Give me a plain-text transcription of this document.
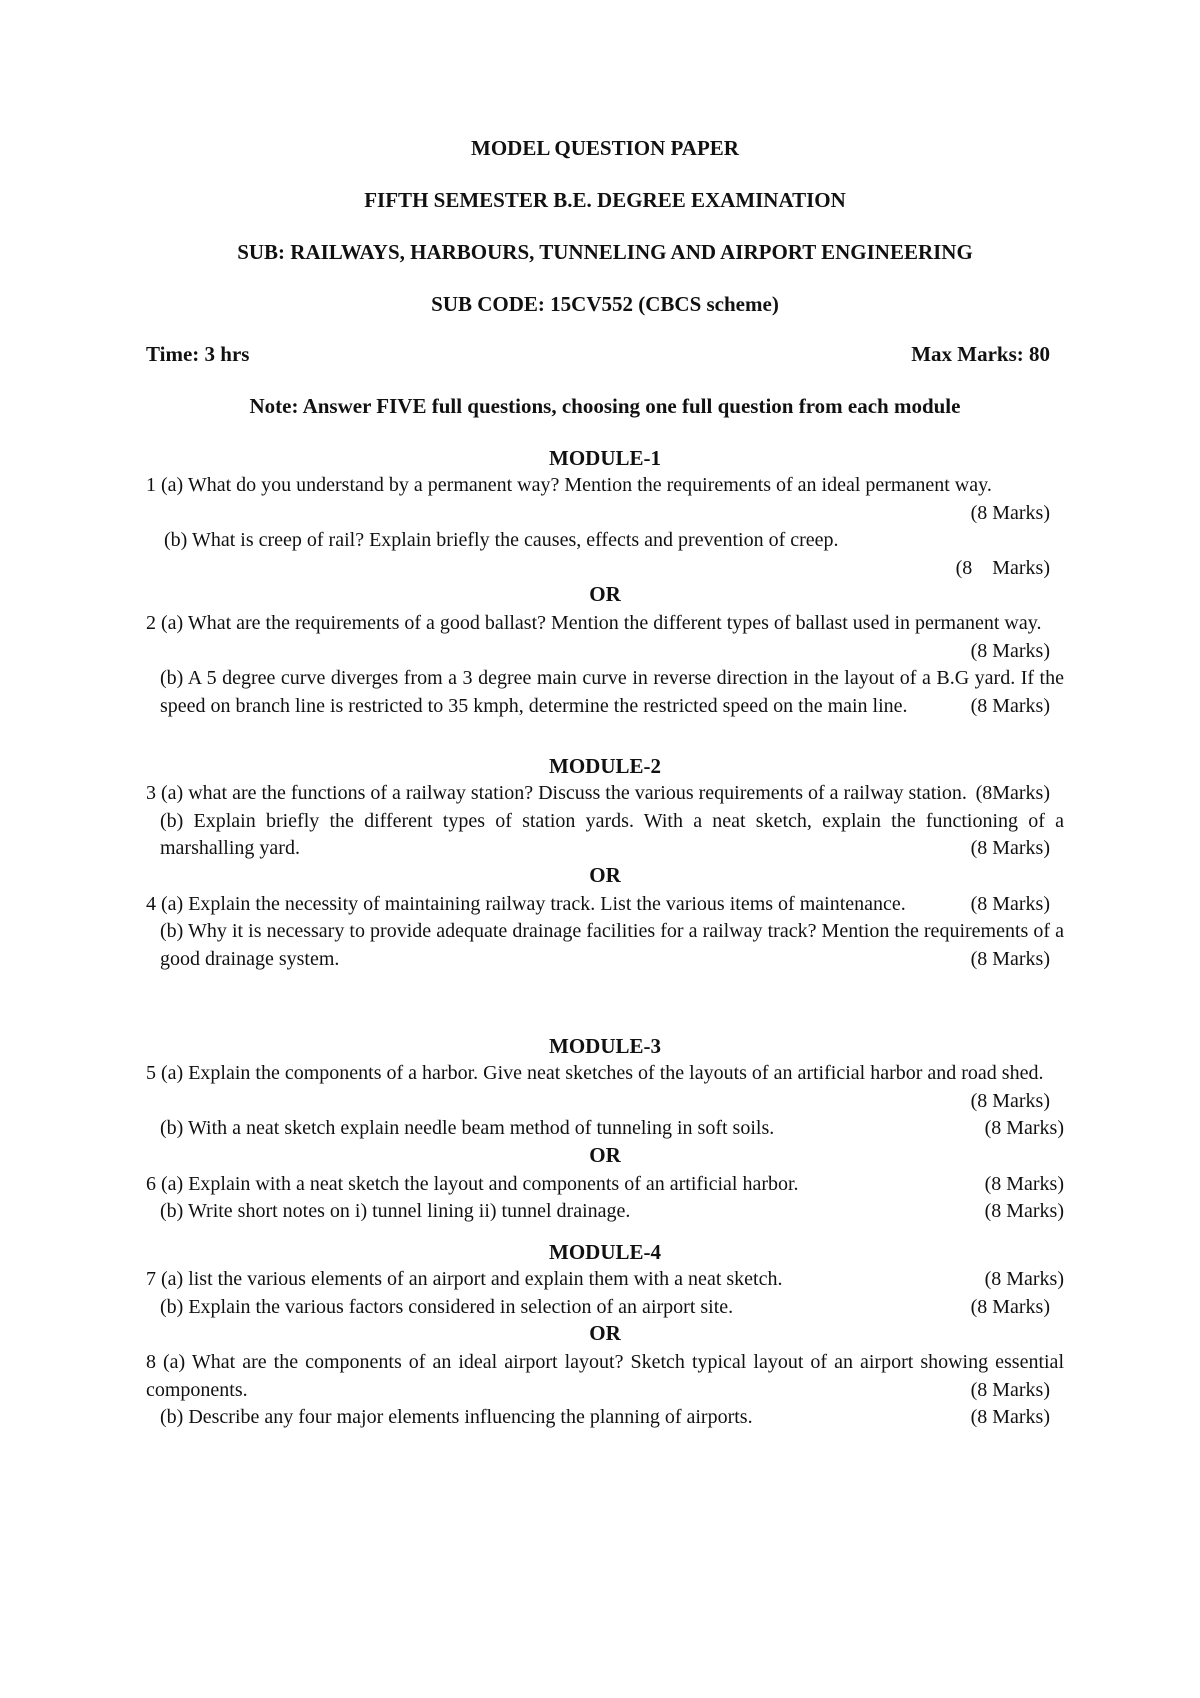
MODEL QUESTION PAPER
FIFTH SEMESTER B.E. DEGREE EXAMINATION
SUB: RAILWAYS, HARBOURS, TUNNELING AND AIRPORT ENGINEERING
SUB CODE: 15CV552 (CBCS scheme)
Time: 3 hrs	Max Marks: 80
Note: Answer FIVE full questions, choosing one full question from each module
MODULE-1
1 (a) What do you understand by a permanent way? Mention the requirements of an ideal permanent way.
(8 Marks)
(b) What is creep of rail? Explain briefly the causes, effects and prevention of creep.
(8    Marks)
OR
2 (a) What are the requirements of a good ballast? Mention the different types of ballast used in permanent way.
(8 Marks)
(b) A 5 degree curve diverges from a 3 degree main curve in reverse direction in the layout of a B.G yard. If the speed on branch line is restricted to 35 kmph, determine the restricted speed on the main line.	(8 Marks)
MODULE-2
3 (a) what are the functions of a railway station? Discuss the various requirements of a railway station. (8Marks)
(b) Explain briefly the different types of station yards. With a neat sketch, explain the functioning of a marshalling yard.	(8 Marks)
OR
4 (a) Explain the necessity of maintaining railway track. List the various items of maintenance.	(8 Marks)
(b) Why it is necessary to provide adequate drainage facilities for a railway track? Mention the requirements of a good drainage system.	(8 Marks)
MODULE-3
5 (a) Explain the components of a harbor. Give neat sketches of the layouts of an artificial harbor and road shed.
(8 Marks)
(b) With a neat sketch explain needle beam method of tunneling in soft soils.	(8 Marks)
OR
6 (a) Explain with a neat sketch the layout and components of an artificial harbor.	(8 Marks)
(b) Write short notes on i) tunnel lining ii) tunnel drainage.	(8 Marks)
MODULE-4
7 (a) list the various elements of an airport and explain them with a neat sketch.	(8 Marks)
(b) Explain the various factors considered in selection of an airport site.	(8 Marks)
OR
8 (a) What are the components of an ideal airport layout? Sketch typical layout of an airport showing essential components.	(8 Marks)
(b) Describe any four major elements influencing the planning of airports.	(8 Marks)
